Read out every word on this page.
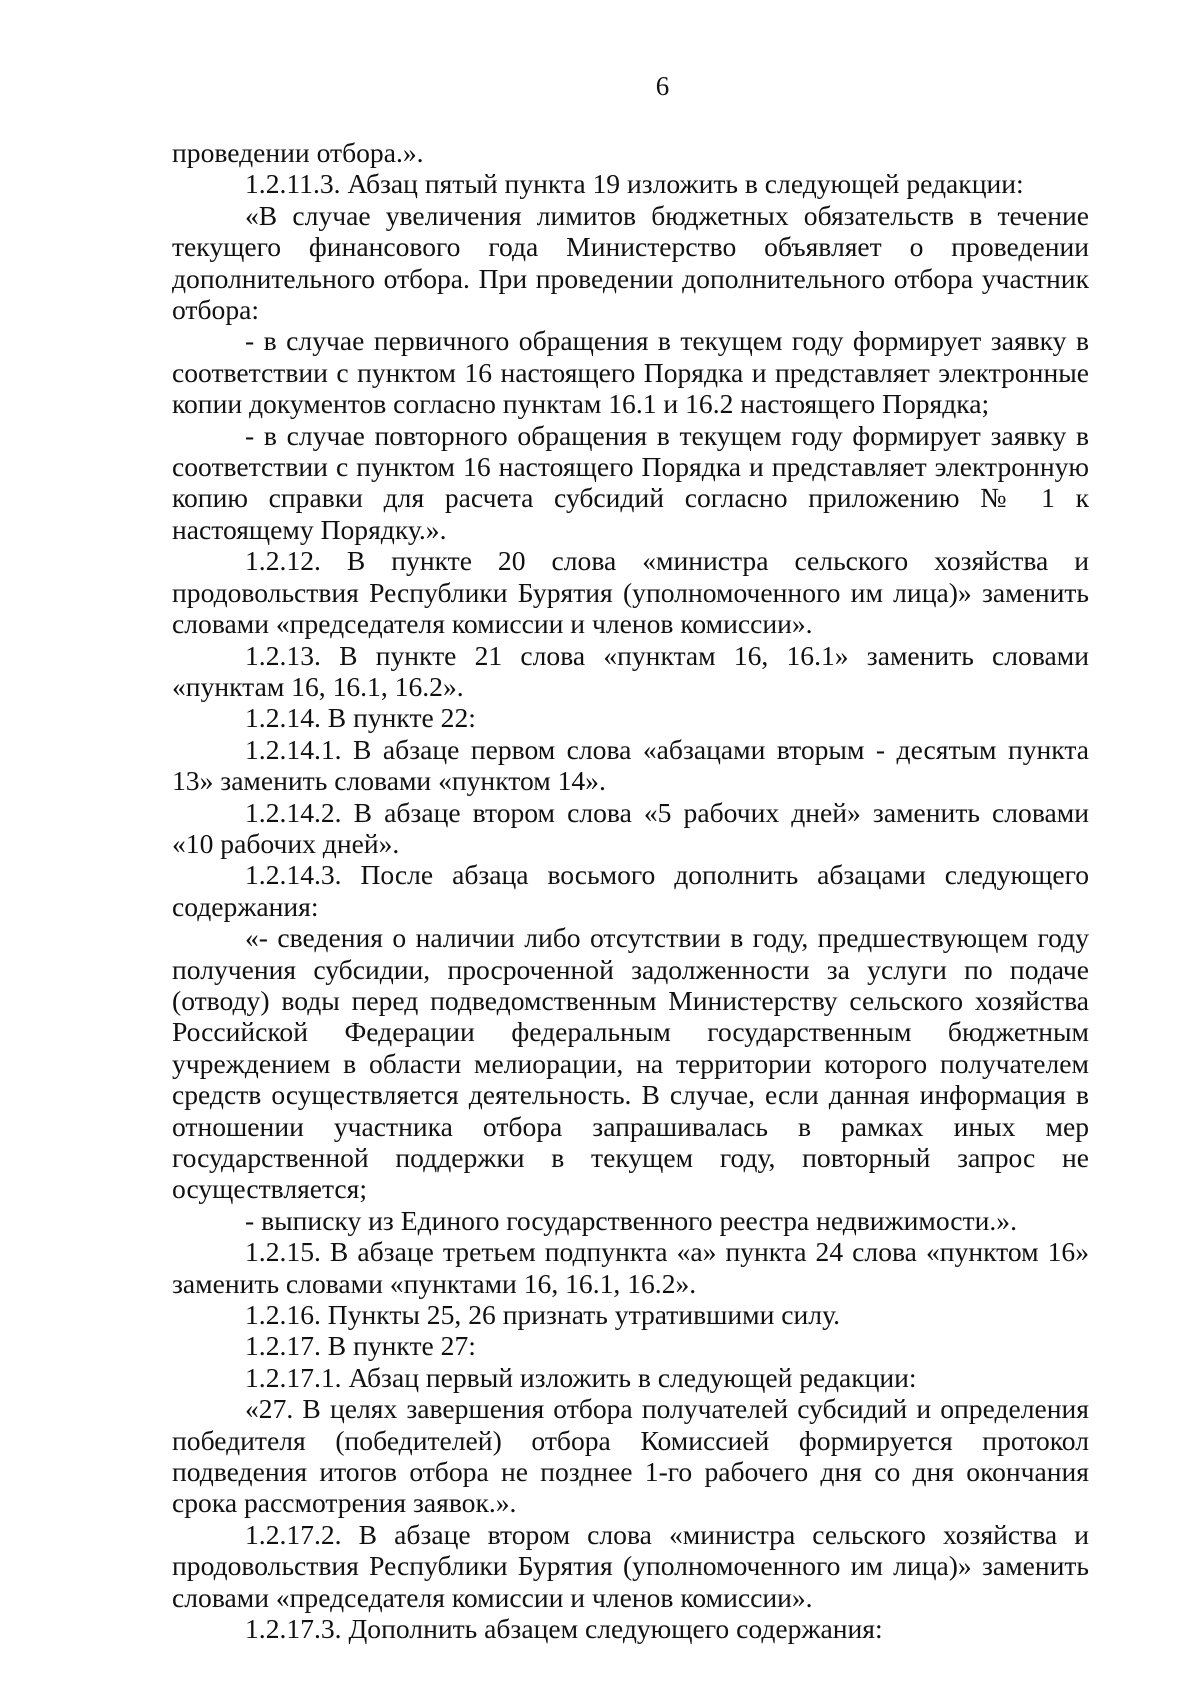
6

проведении отбора.».

1.2.11.3. Абзац пятый пункта 19 изложить в следующей редакции:

«В случае увеличения лимитов бюджетных обязательств в течение текущего финансового года Министерство объявляет о проведении дополнительного отбора. При проведении дополнительного отбора участник отбора:

- в случае первичного обращения в текущем году формирует заявку в соответствии с пунктом 16 настоящего Порядка и представляет электронные копии документов согласно пунктам 16.1 и 16.2 настоящего Порядка;

- в случае повторного обращения в текущем году формирует заявку в соответствии с пунктом 16 настоящего Порядка и представляет электронную копию справки для расчета субсидий согласно приложению № 1 к настоящему Порядку.».

1.2.12. В пункте 20 слова «министра сельского хозяйства и продовольствия Республики Бурятия (уполномоченного им лица)» заменить словами «председателя комиссии и членов комиссии».

1.2.13. В пункте 21 слова «пунктам 16, 16.1» заменить словами «пунктам 16, 16.1, 16.2».

1.2.14. В пункте 22:

1.2.14.1. В абзаце первом слова «абзацами вторым - десятым пункта 13» заменить словами «пунктом 14».

1.2.14.2. В абзаце втором слова «5 рабочих дней» заменить словами «10 рабочих дней».

1.2.14.3. После абзаца восьмого дополнить абзацами следующего содержания:

«- сведения о наличии либо отсутствии в году, предшествующем году получения субсидии, просроченной задолженности за услуги по подаче (отводу) воды перед подведомственным Министерству сельского хозяйства Российской Федерации федеральным государственным бюджетным учреждением в области мелиорации, на территории которого получателем средств осуществляется деятельность. В случае, если данная информация в отношении участника отбора запрашивалась в рамках иных мер государственной поддержки в текущем году, повторный запрос не осуществляется;

- выписку из Единого государственного реестра недвижимости.».

1.2.15. В абзаце третьем подпункта «а» пункта 24 слова «пунктом 16» заменить словами «пунктами 16, 16.1, 16.2».

1.2.16. Пункты 25, 26 признать утратившими силу.

1.2.17. В пункте 27:

1.2.17.1. Абзац первый изложить в следующей редакции:

«27. В целях завершения отбора получателей субсидий и определения победителя (победителей) отбора Комиссией формируется протокол подведения итогов отбора не позднее 1-го рабочего дня со дня окончания срока рассмотрения заявок.».

1.2.17.2. В абзаце втором слова «министра сельского хозяйства и продовольствия Республики Бурятия (уполномоченного им лица)» заменить словами «председателя комиссии и членов комиссии».

1.2.17.3. Дополнить абзацем следующего содержания:
